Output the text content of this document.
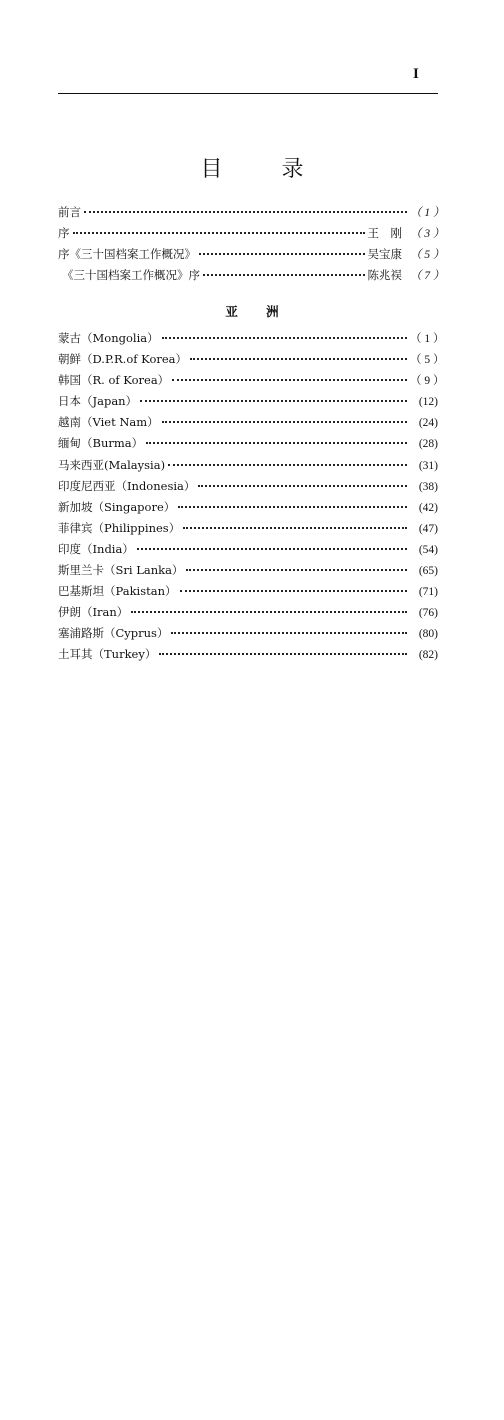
I
目 录
前言	（ 1 ）
序	王　刚 （ 3 ）
序《三十国档案工作概况》	吴宝康 （ 5 ）
《三十国档案工作概况》序	陈兆祦 （ 7 ）
亚 洲
蒙古（Mongolia）	（ 1 ）
朝鲜（D.P.R.of Korea）	（ 5 ）
韩国（R. of Korea）	（ 9 ）
日本（Japan）	(12)
越南（Viet Nam）	(24)
缅甸（Burma）	(28)
马来西亚(Malaysia)	(31)
印度尼西亚（Indonesia）	(38)
新加坡（Singapore）	(42)
菲律宾（Philippines）	(47)
印度（India）	(54)
斯里兰卡（Sri Lanka）	(65)
巴基斯坦（Pakistan）	(71)
伊朗（Iran）	(76)
塞浦路斯（Cyprus）	(80)
土耳其（Turkey）	(82)
